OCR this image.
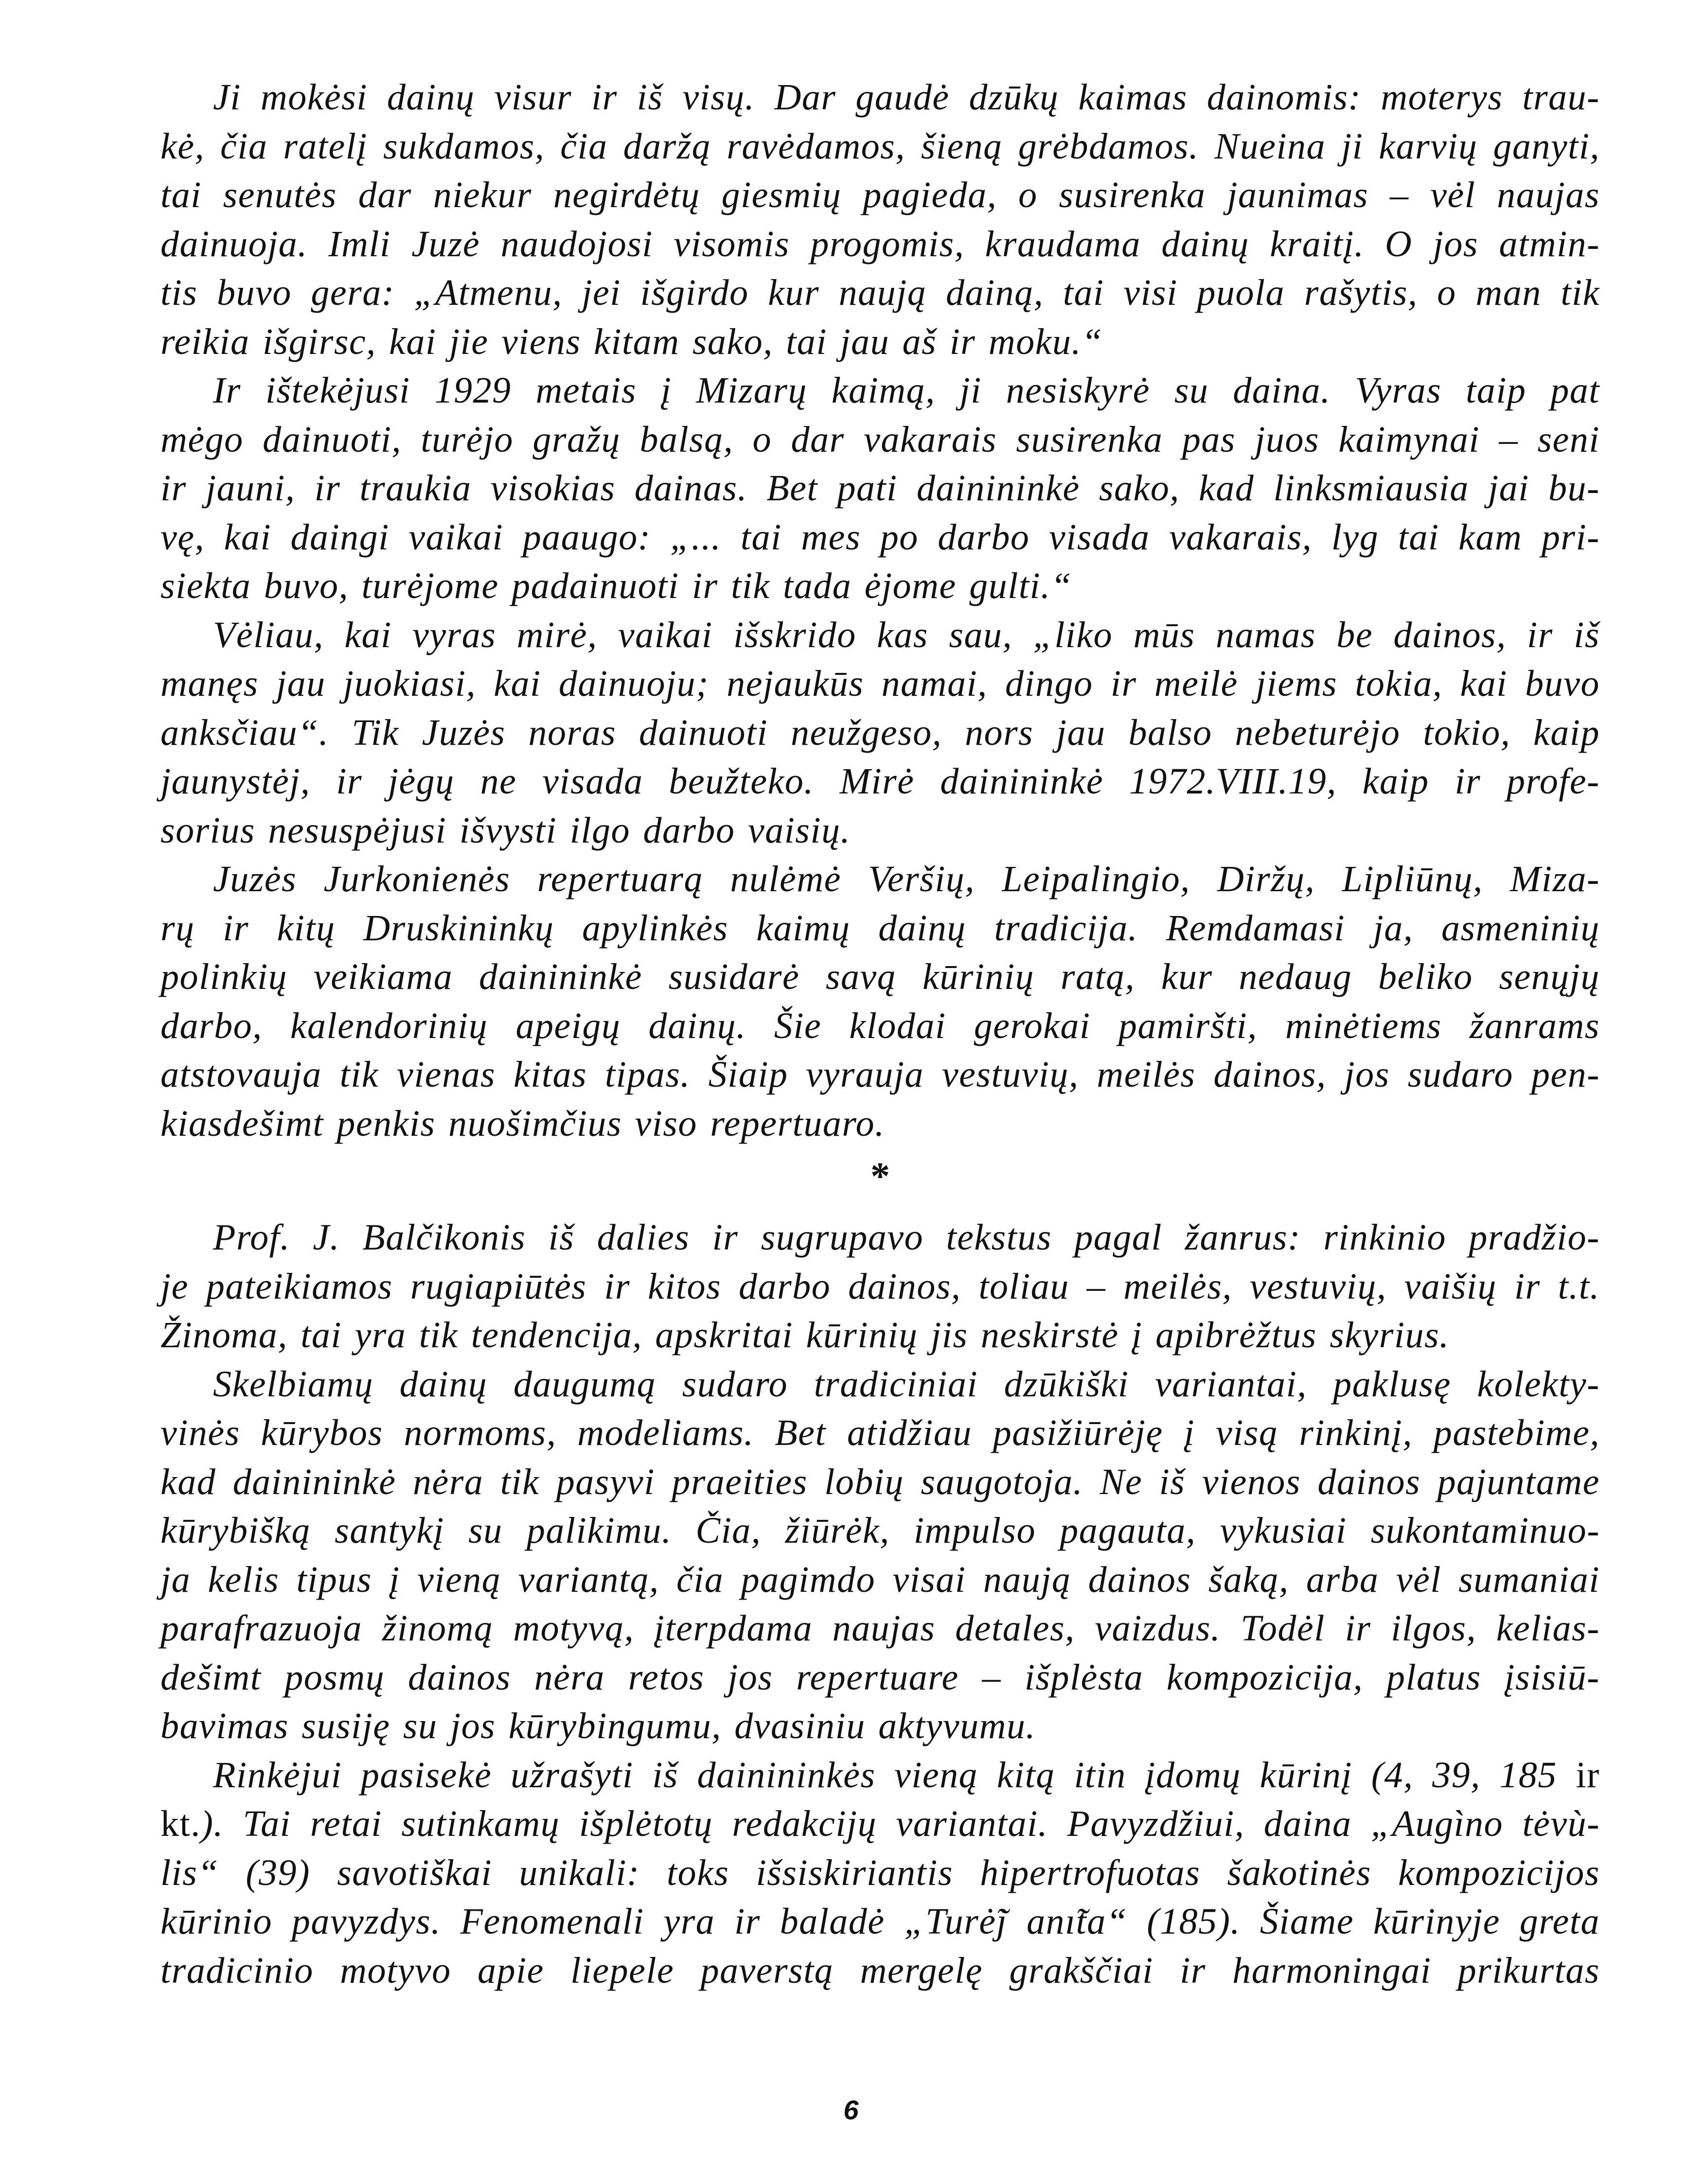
Ji mokėsi dainų visur ir iš visų. Dar gaudė dzūkų kaimas dainomis: moterys trau-
kė, čia ratelį sukdamos, čia daržą ravėdamos, šieną grėbdamos. Nueina ji karvių ganyti,
tai senutės dar niekur negirdėtų giesmių pagieda, o susirenka jaunimas – vėl naujas
dainuoja. Imli Juzė naudojosi visomis progomis, kraudama dainų kraitį. O jos atmin-
tis buvo gera: „Atmenu, jei išgirdo kur naują dainą, tai visi puola rašytis, o man tik
reikia išgirsc, kai jie viens kitam sako, tai jau aš ir moku.“
Ir ištekėjusi 1929 metais į Mizarų kaimą, ji nesiskyrė su daina. Vyras taip pat
mėgo dainuoti, turėjo gražų balsą, o dar vakarais susirenka pas juos kaimynai – seni
ir jauni, ir traukia visokias dainas. Bet pati dainininkė sako, kad linksmiausia jai bu-
vę, kai daingi vaikai paaugo: „... tai mes po darbo visada vakarais, lyg tai kam pri-
siekta buvo, turėjome padainuoti ir tik tada ėjome gulti.“
Vėliau, kai vyras mirė, vaikai išskrido kas sau, „liko mūs namas be dainos, ir iš
manęs jau juokiasi, kai dainuoju; nejaukūs namai, dingo ir meilė jiems tokia, kai buvo
anksčiau“. Tik Juzės noras dainuoti neužgeso, nors jau balso nebeturėjo tokio, kaip
jaunystėj, ir jėgų ne visada beužteko. Mirė dainininkė 1972.VIII.19, kaip ir profe-
sorius nesuspėjusi išvysti ilgo darbo vaisių.
Juzės Jurkonienės repertuarą nulėmė Veršių, Leipalingio, Diržų, Lipliūnų, Miza-
rų ir kitų Druskininkų apylinkės kaimų dainų tradicija. Remdamasi ja, asmeninių
polinkių veikiama dainininkė susidarė savą kūrinių ratą, kur nedaug beliko senųjų
darbo, kalendorinių apeigų dainų. Šie klodai gerokai pamiršti, minėtiems žanrams
atstovauja tik vienas kitas tipas. Šiaip vyrauja vestuvių, meilės dainos, jos sudaro pen-
kiasdešimt penkis nuošimčius viso repertuaro.
*
Prof. J. Balčikonis iš dalies ir sugrupavo tekstus pagal žanrus: rinkinio pradžio-
je pateikiamos rugiapiūtės ir kitos darbo dainos, toliau – meilės, vestuvių, vaišių ir t.t.
Žinoma, tai yra tik tendencija, apskritai kūrinių jis neskirstė į apibrėžtus skyrius.
Skelbiamų dainų daugumą sudaro tradiciniai dzūkiški variantai, paklusę kolekty-
vinės kūrybos normoms, modeliams. Bet atidžiau pasižiūrėję į visą rinkinį, pastebime,
kad dainininkė nėra tik pasyvi praeities lobių saugotoja. Ne iš vienos dainos pajuntame
kūrybišką santykį su palikimu. Čia, žiūrėk, impulso pagauta, vykusiai sukontaminuo-
ja kelis tipus į vieną variantą, čia pagimdo visai naują dainos šaką, arba vėl sumaniai
parafrazuoja žinomą motyvą, įterpdama naujas detales, vaizdus. Todėl ir ilgos, kelias-
dešimt posmų dainos nėra retos jos repertuare – išplėsta kompozicija, platus įsisiū-
bavimas susiję su jos kūrybingumu, dvasiniu aktyvumu.
Rinkėjui pasisekė užrašyti iš dainininkės vieną kitą itin įdomų kūrinį (4, 39, 185 ir
kt.). Tai retai sutinkamų išplėtotų redakcijų variantai. Pavyzdžiui, daina „Augìno tėvù-
lis“ (39) savotiškai unikali: toks išsiskiriantis hipertrofuotas šakotinės kompozicijos
kūrinio pavyzdys. Fenomenali yra ir baladė „Turė̃j anı̃ta“ (185). Šiame kūrinyje greta
tradicinio motyvo apie liepele paverstą mergelę grakščiai ir harmoningai prikurtas
6
